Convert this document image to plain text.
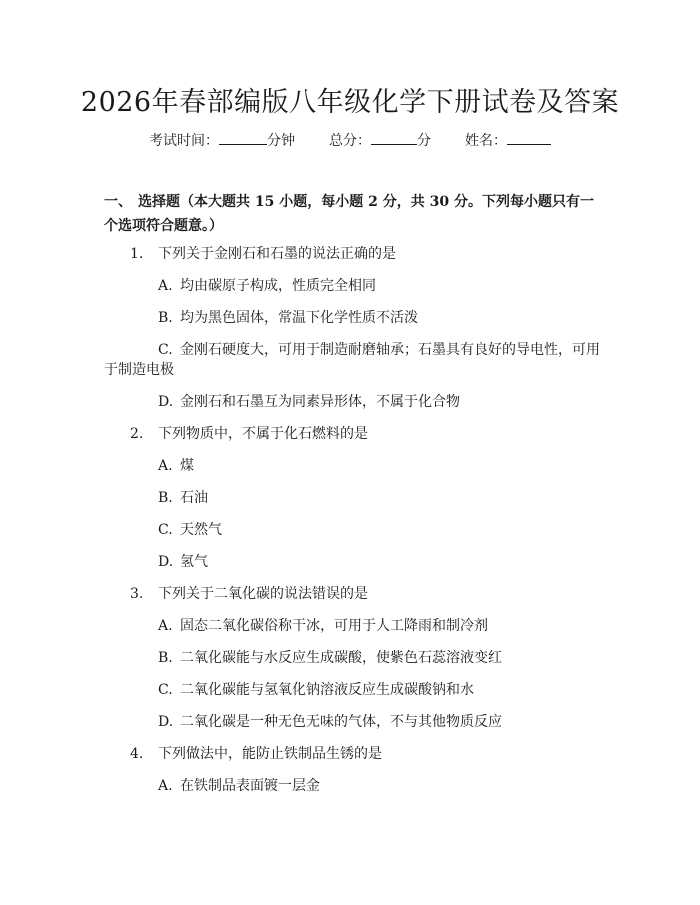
2026年春部编版八年级化学下册试卷及答案
考试时间：	分钟 总分：	分 姓名：
一、 选择题（本大题共 15 小题，每小题 2 分，共 30 分。下列每小题只有一个选项符合题意。）
1. 下列关于金刚石和石墨的说法正确的是
A. 均由碳原子构成，性质完全相同
B. 均为黑色固体，常温下化学性质不活泼
C. 金刚石硬度大，可用于制造耐磨轴承；石墨具有良好的导电性，可用
于制造电极
D. 金刚石和石墨互为同素异形体，不属于化合物
2. 下列物质中，不属于化石燃料的是
A. 煤
B. 石油
C. 天然气
D. 氢气
3. 下列关于二氧化碳的说法错误的是
A. 固态二氧化碳俗称干冰，可用于人工降雨和制冷剂
B. 二氧化碳能与水反应生成碳酸，使紫色石蕊溶液变红
C. 二氧化碳能与氢氧化钠溶液反应生成碳酸钠和水
D. 二氧化碳是一种无色无味的气体，不与其他物质反应
4. 下列做法中，能防止铁制品生锈的是
A. 在铁制品表面镀一层金
